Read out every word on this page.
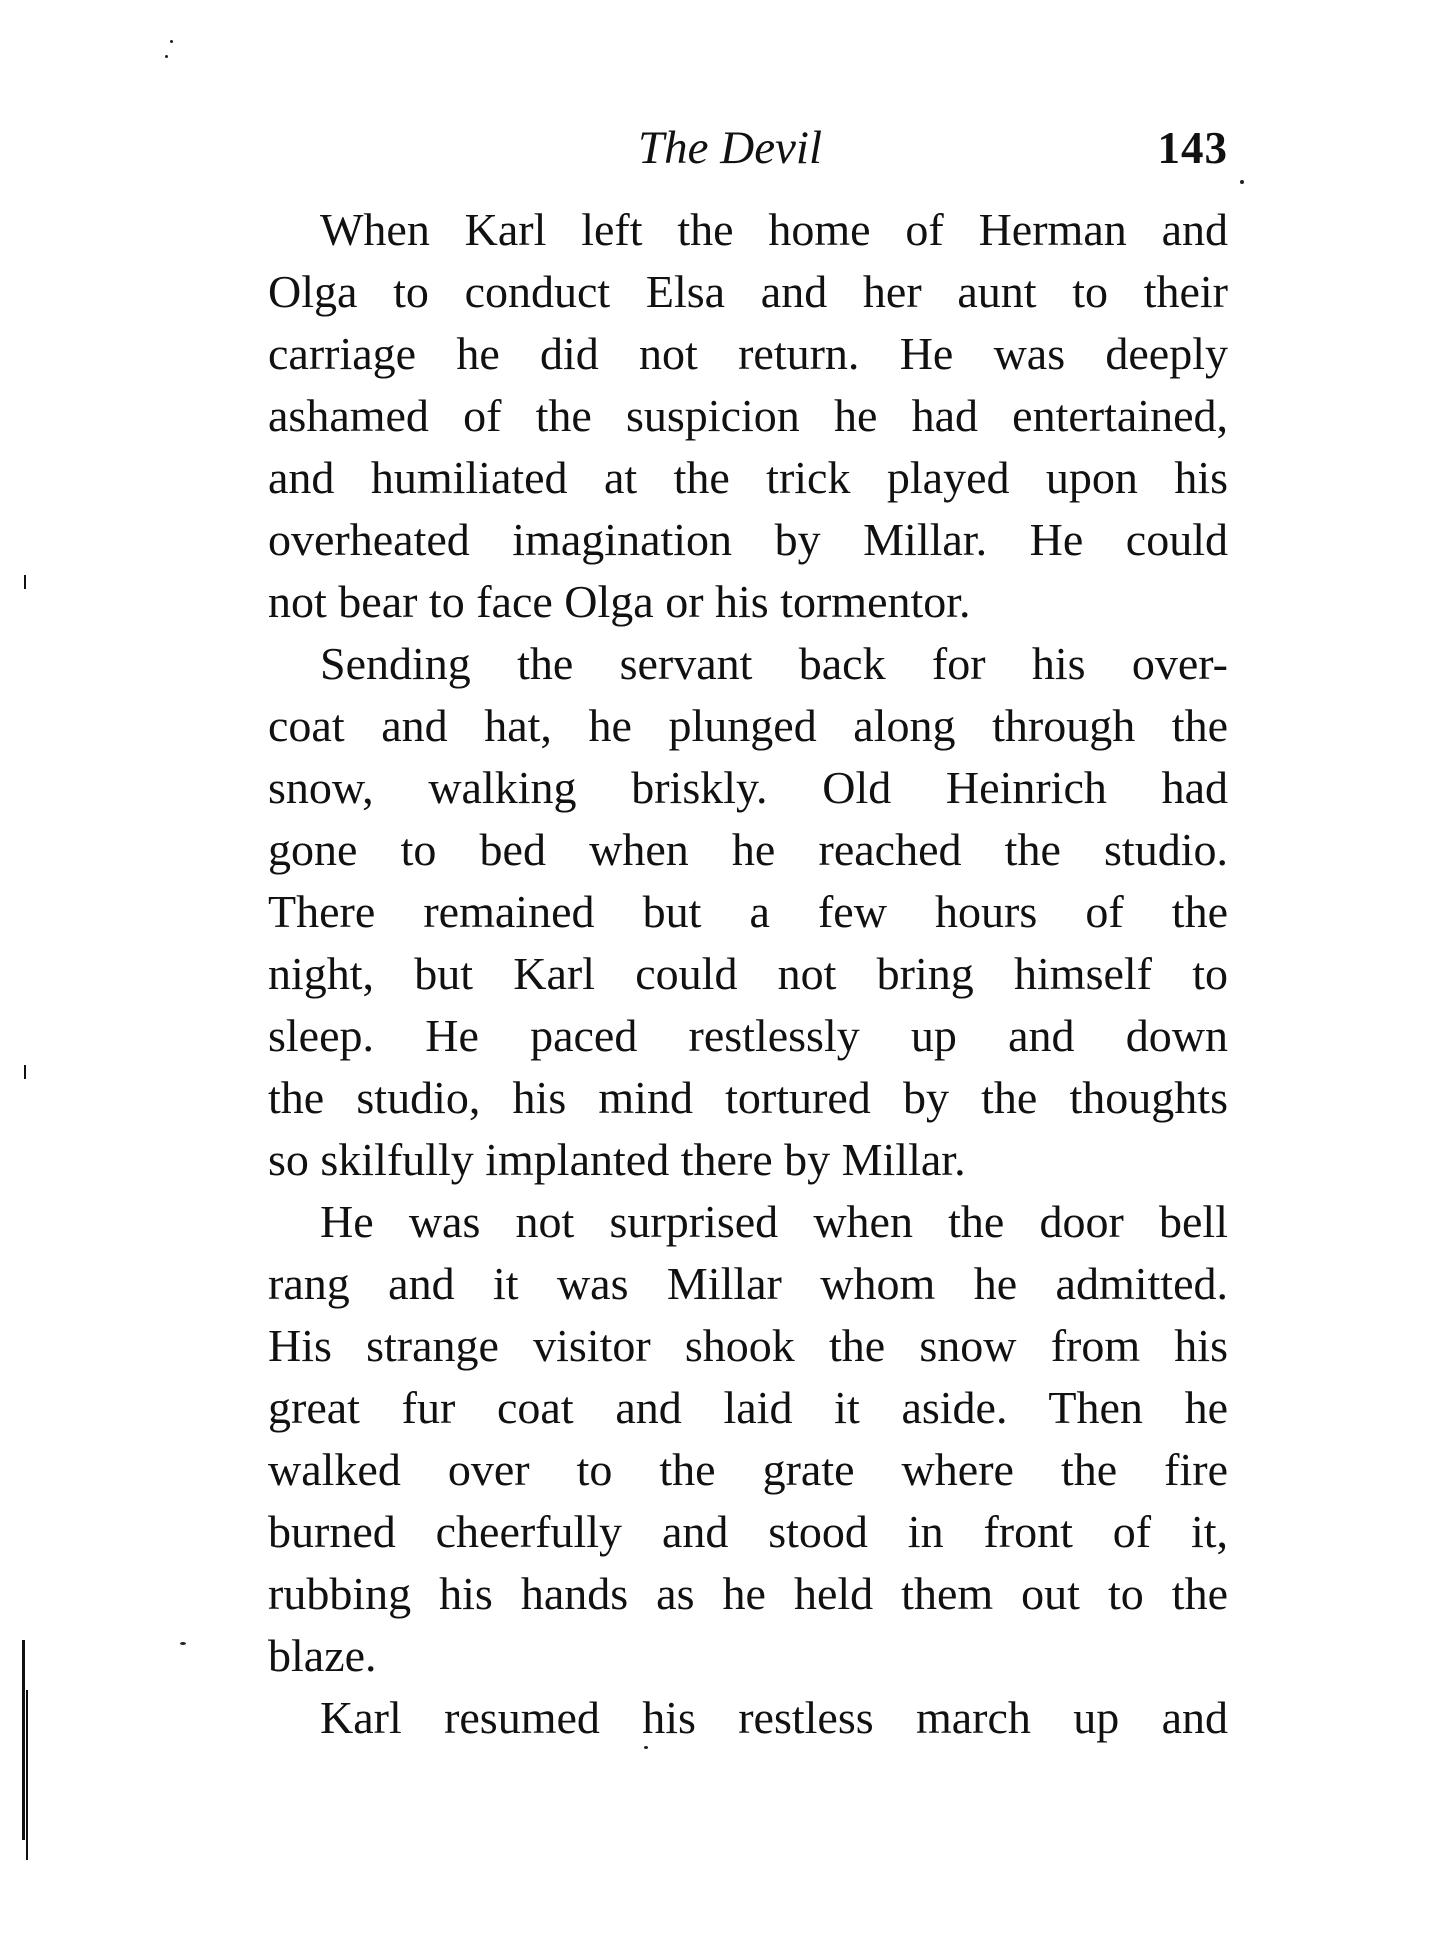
The Devil	143

When Karl left the home of Herman and
Olga to conduct Elsa and her aunt to their
carriage he did not return. He was deeply
ashamed of the suspicion he had entertained,
and humiliated at the trick played upon his
overheated imagination by Millar. He could
not bear to face Olga or his tormentor.

Sending the servant back for his over-
coat and hat, he plunged along through the
snow, walking briskly. Old Heinrich had
gone to bed when he reached the studio.
There remained but a few hours of the
night, but Karl could not bring himself to
sleep. He paced restlessly up and down
the studio, his mind tortured by the thoughts
so skilfully implanted there by Millar.

He was not surprised when the door bell
rang and it was Millar whom he admitted.
His strange visitor shook the snow from his
great fur coat and laid it aside. Then he
walked over to the grate where the fire
burned cheerfully and stood in front of it,
rubbing his hands as he held them out to the
blaze.

Karl resumed his restless march up and
